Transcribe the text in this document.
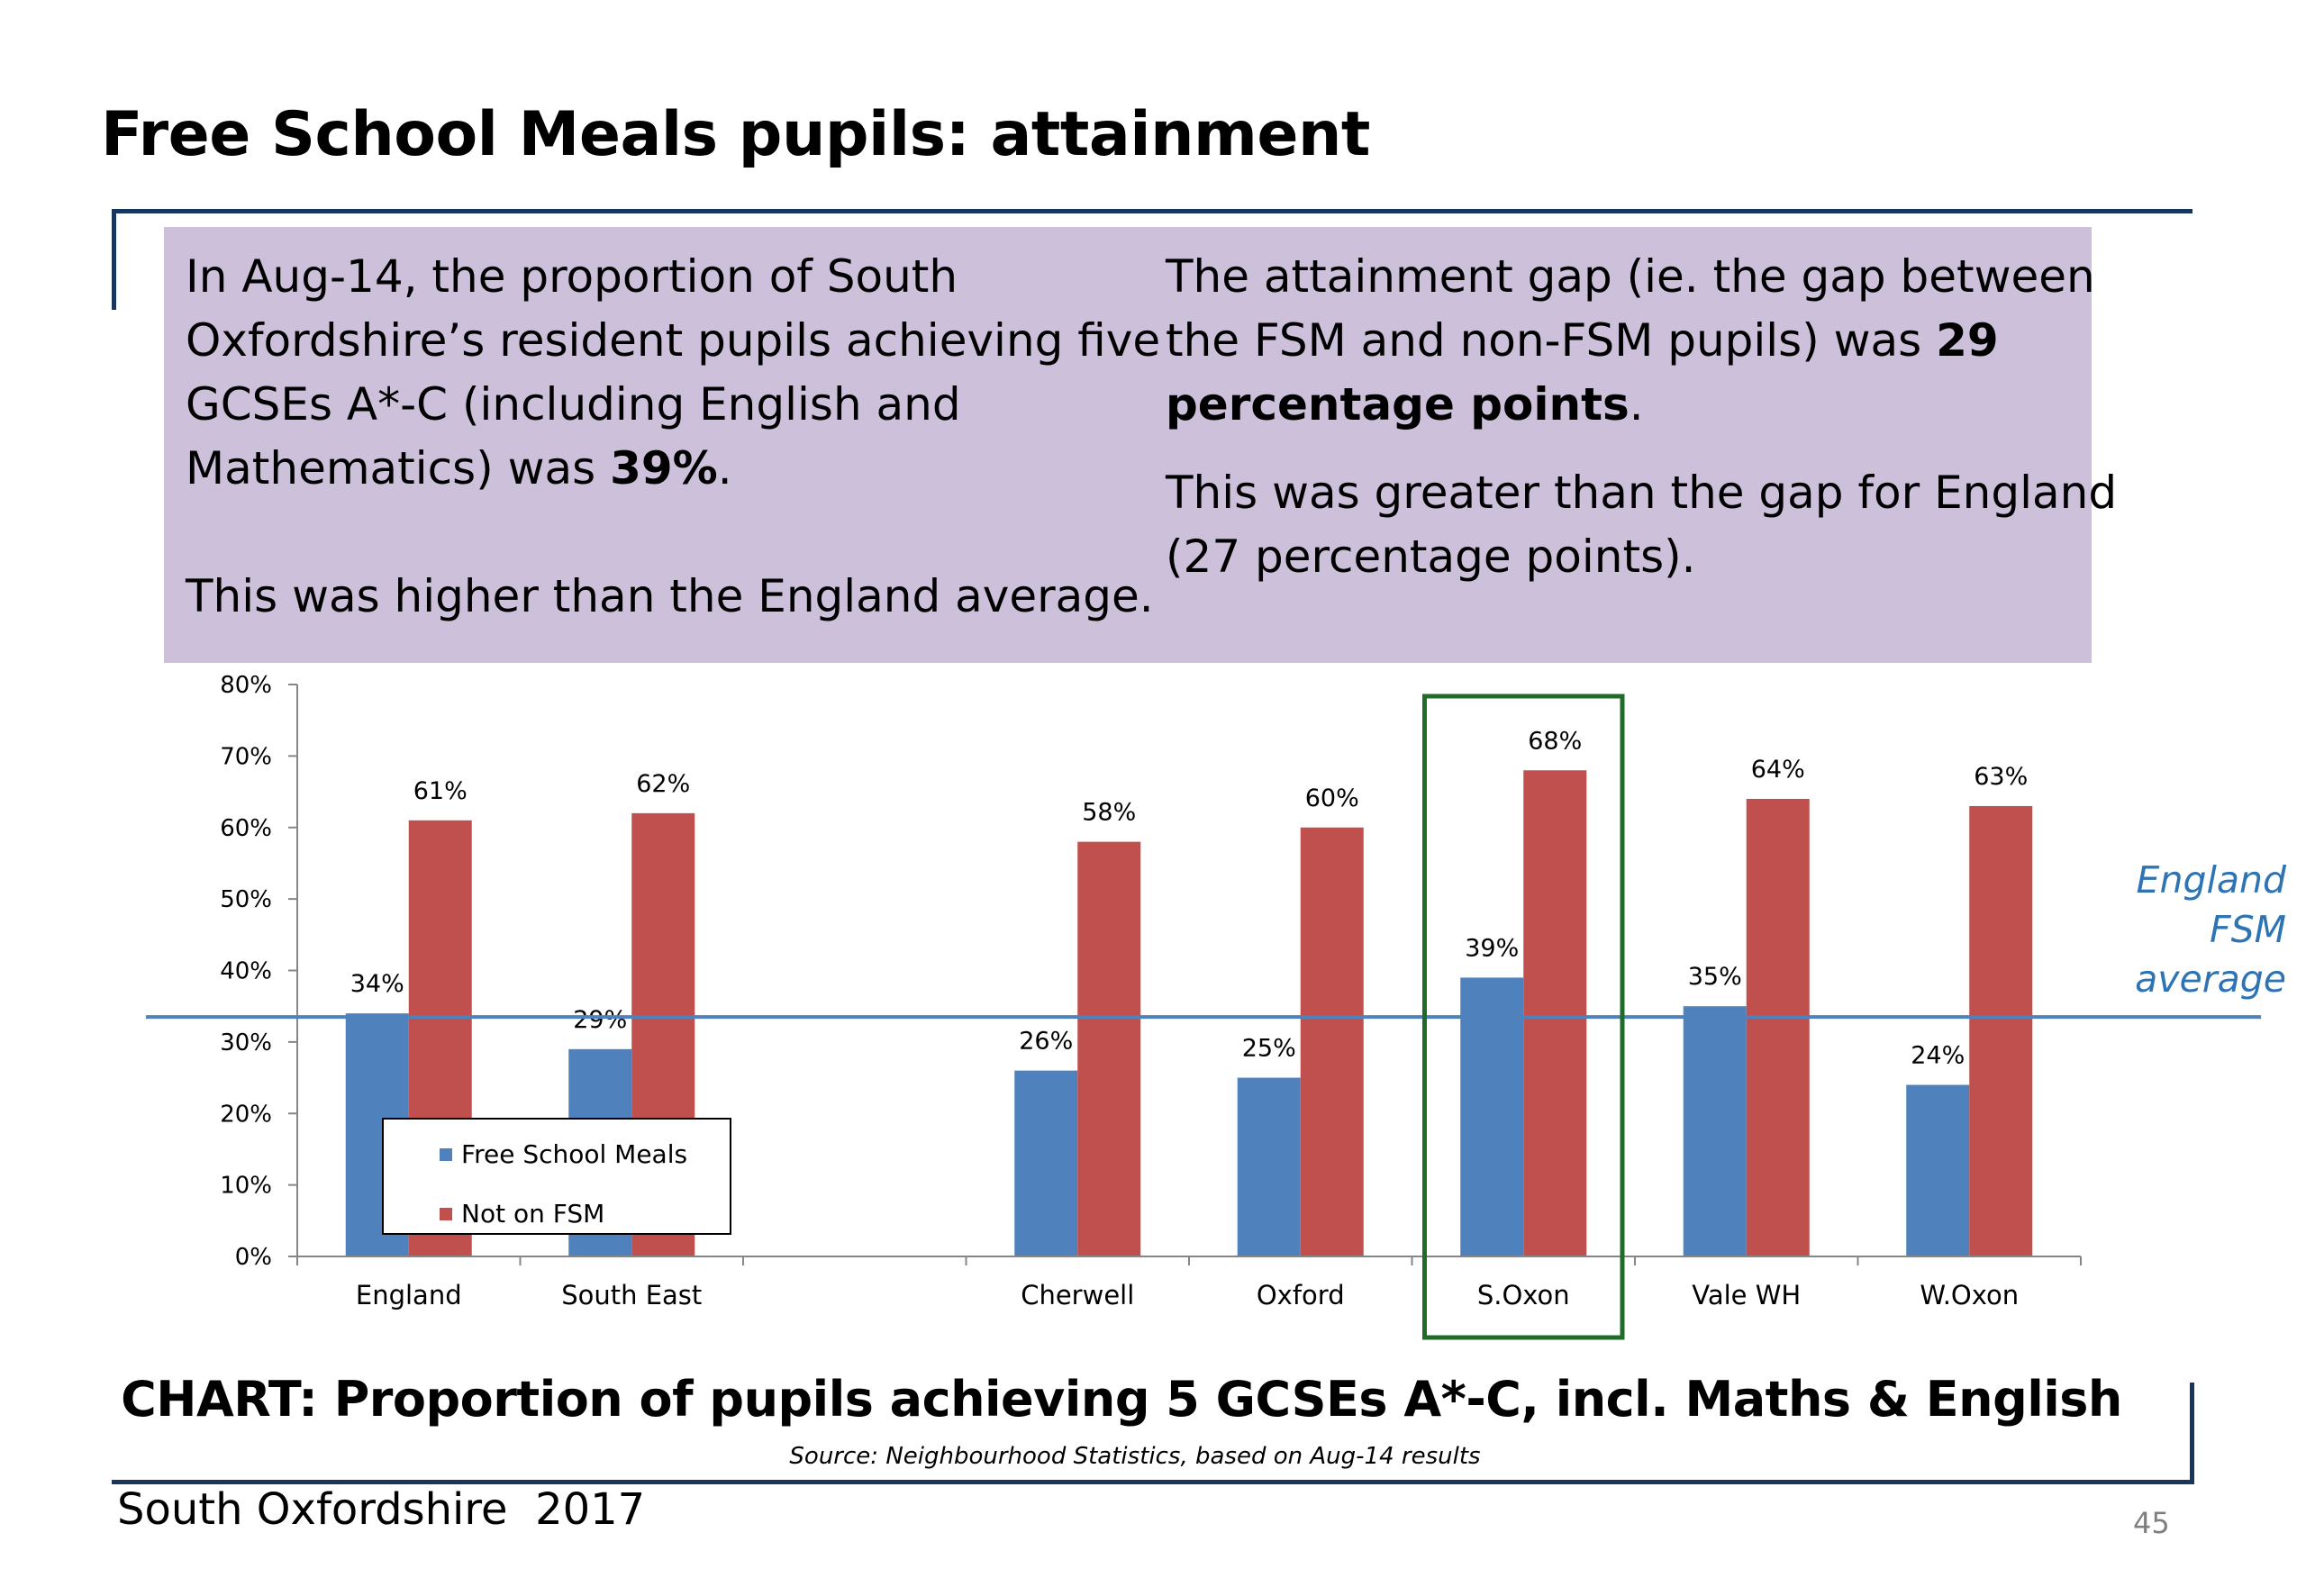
Free School Meals pupils: attainment
In Aug-14, the proportion of South
Oxfordshire’s resident pupils achieving five
GCSEs A*-C (including English and
Mathematics) was 39%.
This was higher than the England average.
The attainment gap (ie. the gap between
the FSM and non-FSM pupils) was 29
percentage points.
This was greater than the gap for England
(27 percentage points).
0%
10%
20%
30%
40%
50%
60%
70%
80%
34%
61%
29%
62%
26%
58%
25%
60%
39%
68%
35%
64%
24%
63%
England	South East	Cherwell	Oxford	S.Oxon	Vale WH	W.Oxon
England
FSM
average
Free School Meals
Not on FSM
CHART: Proportion of pupils achieving 5 GCSEs A*-C, incl. Maths & English
Source: Neighbourhood Statistics, based on Aug-14 results
South Oxfordshire  2017	45
